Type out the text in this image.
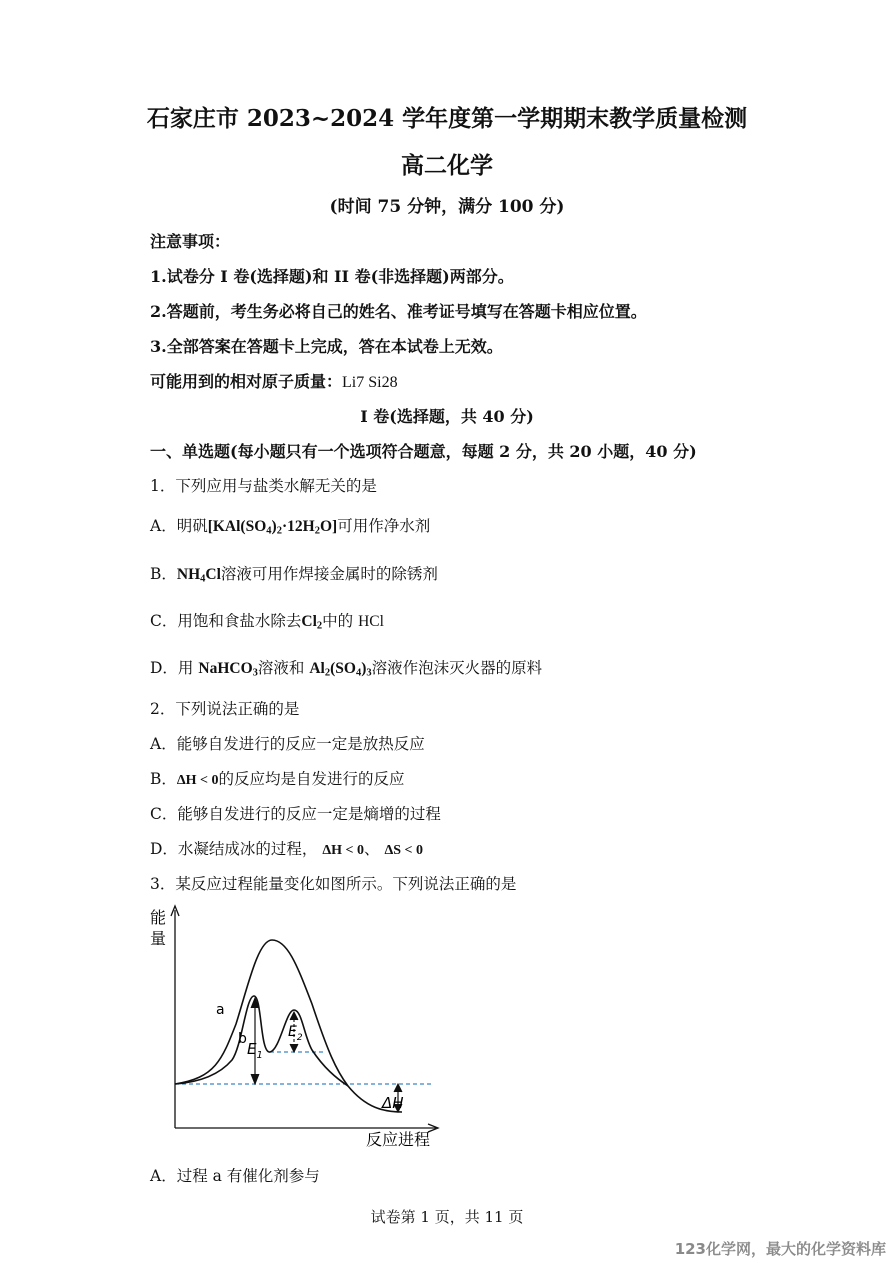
石家庄市 2023~2024 学年度第一学期期末教学质量检测
高二化学
(时间 75 分钟，满分 100 分)
注意事项：
1.试卷分 I 卷(选择题)和 II 卷(非选择题)两部分。
2.答题前，考生务必将自己的姓名、准考证号填写在答题卡相应位置。
3.全部答案在答题卡上完成，答在本试卷上无效。
可能用到的相对原子质量：Li7 Si28
I 卷(选择题，共 40 分)
一、单选题(每小题只有一个选项符合题意，每题 2 分，共 20 小题，40 分)
1．下列应用与盐类水解无关的是
A．明矾$[KAl(SO_4)_2\cdot 12H_2O]$可用作净水剂
B．$NH_4Cl$溶液可用作焊接金属时的除锈剂
C．用饱和食盐水除去$Cl_2$中的 HCl
D．用 NaHCO$_3$溶液和 $Al_2(SO_4)_3$溶液作泡沫灭火器的原料
2．下列说法正确的是
A．能够自发进行的反应一定是放热反应
B．ΔH < 0的反应均是自发进行的反应
C．能够自发进行的反应一定是熵增的过程
D．水凝结成冰的过程， ΔH < 0、 ΔS < 0
3．某反应过程能量变化如图所示。下列说法正确的是
能
量
反应进程
a
b
$E_1$
$E_2$
ΔH
A．过程 a 有催化剂参与
试卷第 1 页，共 11 页
123化学网，最大的化学资料库
